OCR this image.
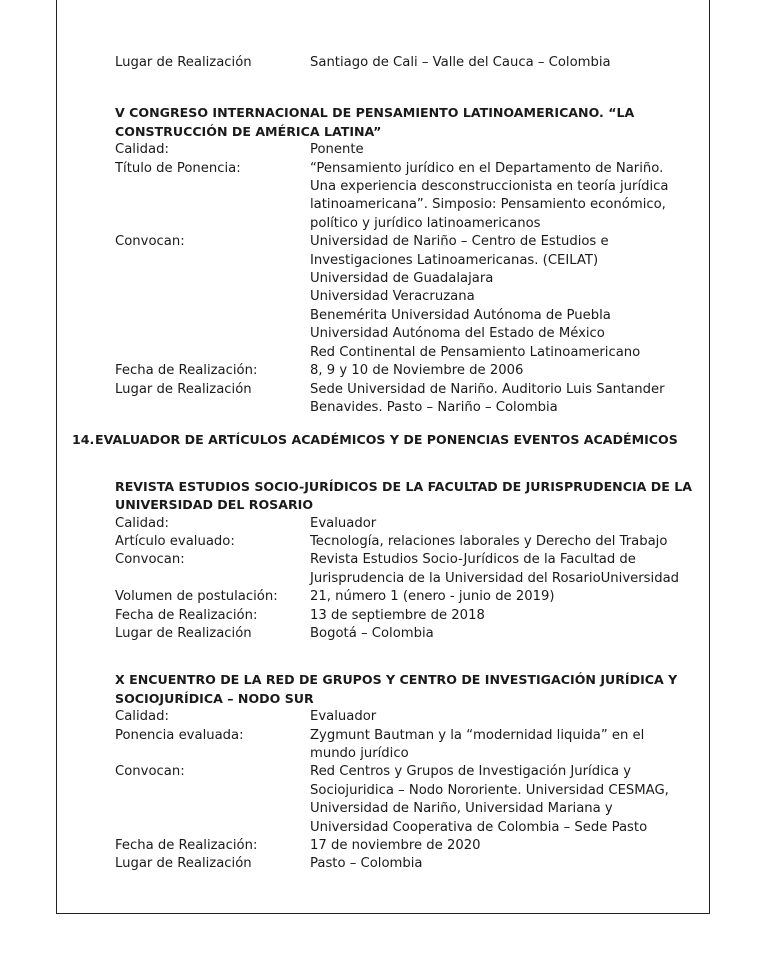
Lugar de Realización	Santiago de Cali – Valle del Cauca – Colombia
V CONGRESO INTERNACIONAL DE PENSAMIENTO LATINOAMERICANO. “LA
CONSTRUCCIÓN DE AMÉRICA LATINA”
Calidad:	Ponente
Título de Ponencia:	“Pensamiento jurídico en el Departamento de Nariño.
Una experiencia desconstruccionista en teoría jurídica
latinoamericana”. Simposio: Pensamiento económico,
político y jurídico latinoamericanos
Convocan:	Universidad de Nariño – Centro de Estudios e
Investigaciones Latinoamericanas. (CEILAT)
Universidad de Guadalajara
Universidad Veracruzana
Benemérita Universidad Autónoma de Puebla
Universidad Autónoma del Estado de México
Red Continental de Pensamiento Latinoamericano
Fecha de Realización:	8, 9 y 10 de Noviembre de 2006
Lugar de Realización	Sede Universidad de Nariño. Auditorio Luis Santander
Benavides. Pasto – Nariño – Colombia
14.EVALUADOR DE ARTÍCULOS ACADÉMICOS Y DE PONENCIAS EVENTOS ACADÉMICOS
REVISTA ESTUDIOS SOCIO-JURÍDICOS DE LA FACULTAD DE JURISPRUDENCIA DE LA
UNIVERSIDAD DEL ROSARIO
Calidad:	Evaluador
Artículo evaluado:	Tecnología, relaciones laborales y Derecho del Trabajo
Convocan:	Revista Estudios Socio-Jurídicos de la Facultad de
Jurisprudencia de la Universidad del RosarioUniversidad
Volumen de postulación:	21, número 1 (enero - junio de 2019)
Fecha de Realización:	13 de septiembre de 2018
Lugar de Realización	Bogotá – Colombia
X ENCUENTRO DE LA RED DE GRUPOS Y CENTRO DE INVESTIGACIÓN JURÍDICA Y
SOCIOJURÍDICA – NODO SUR
Calidad:	Evaluador
Ponencia evaluada:	Zygmunt Bautman y la “modernidad liquida” en el
mundo jurídico
Convocan:	Red Centros y Grupos de Investigación Jurídica y
Sociojuridica – Nodo Nororiente. Universidad CESMAG,
Universidad de Nariño, Universidad Mariana y
Universidad Cooperativa de Colombia – Sede Pasto
Fecha de Realización:	17 de noviembre de 2020
Lugar de Realización	Pasto – Colombia
